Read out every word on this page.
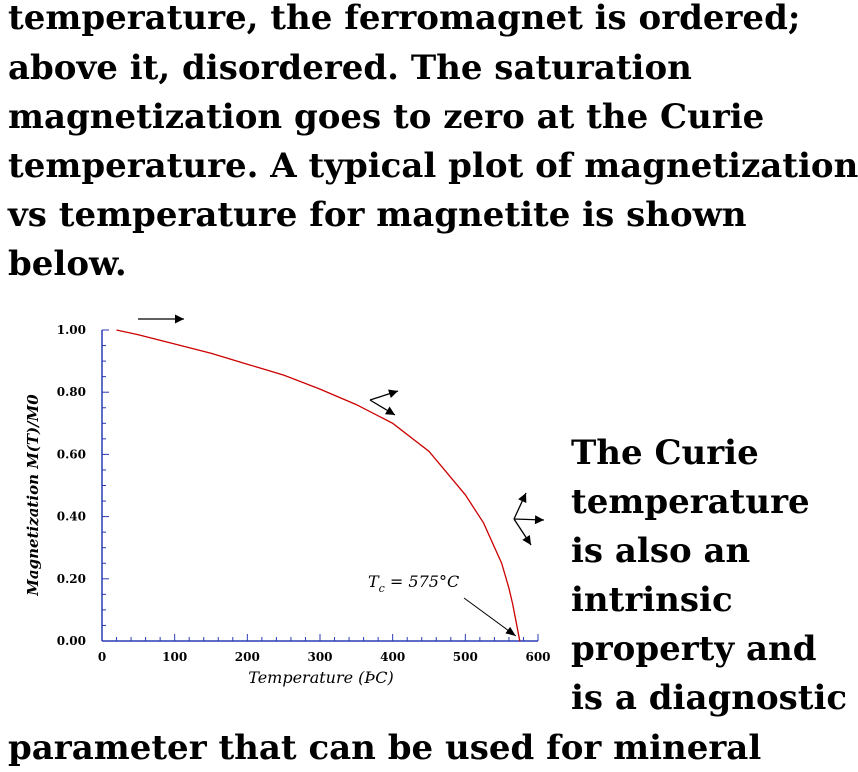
temperature, the ferromagnet is ordered;

above it, disordered. The saturation

magnetization goes to zero at the Curie

temperature. A typical plot of magnetization

vs temperature for magnetite is shown

below.

0	100	200	300	400	500	600
0.00
0.20
0.40
0.60
0.80
1.00
$T_c = 575^\circ C$
Temperature (ÞC)
Magnetization M(T)/M0	The Curie

temperature

is also an

intrinsic

property and

is a diagnostic

parameter that can be used for mineral
